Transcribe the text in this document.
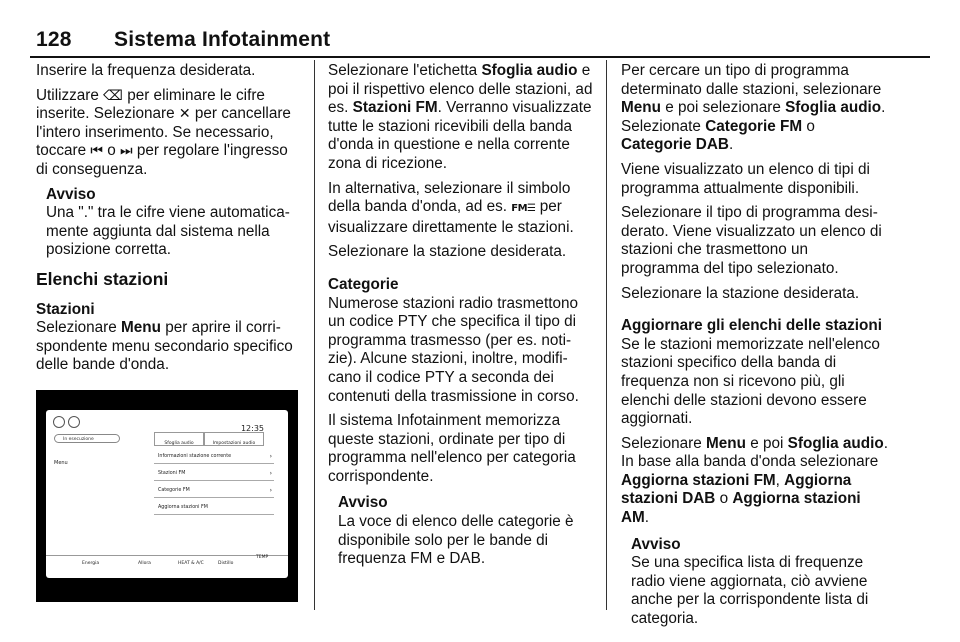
128 Sistema Infotainment

Inserire la frequenza desiderata.

Utilizzare ⌫ per eliminare le cifre inserite. Selezionare ✕ per cancellare l'intero inserimento. Se necessario, toccare ⏮ o ⏭ per regolare l'ingresso di conseguenza.

Avviso
Una "." tra le cifre viene automaticamente aggiunta dal sistema nella posizione corretta.
Elenchi stazioni
Stazioni

Selezionare Menu per aprire il corrispondente menu secondario specifico delle bande d'onda.

12:35
In esecuzione
Menu
Sfoglia audio	Impostazioni audio
Informazioni stazione corrente	›
Stazioni FM	›
Categorie FM	›
Aggiorna stazioni FM
Energia	Allora	HEAT & A/C	Distillo
TEMP

Selezionare l'etichetta Sfoglia audio e poi il rispettivo elenco delle stazioni, ad es. Stazioni FM. Verranno visualizzate tutte le stazioni ricevibili della banda d'onda in questione e nella corrente zona di ricezione.

In alternativa, selezionare il simbolo della banda d'onda, ad es. FM☰ per visualizzare direttamente le stazioni.

Selezionare la stazione desiderata.

Categorie

Numerose stazioni radio trasmettono un codice PTY che specifica il tipo di programma trasmesso (per es. notizie). Alcune stazioni, inoltre, modificano il codice PTY a seconda dei contenuti della trasmissione in corso.

Il sistema Infotainment memorizza queste stazioni, ordinate per tipo di programma nell'elenco per categoria corrispondente.

Avviso
La voce di elenco delle categorie è disponibile solo per le bande di frequenza FM e DAB.

Per cercare un tipo di programma determinato dalle stazioni, selezionare Menu e poi selezionare Sfoglia audio. Selezionate Categorie FM o Categorie DAB.

Viene visualizzato un elenco di tipi di programma attualmente disponibili.

Selezionare il tipo di programma desiderato. Viene visualizzato un elenco di stazioni che trasmettono un programma del tipo selezionato.

Selezionare la stazione desiderata.

Aggiornare gli elenchi delle stazioni

Se le stazioni memorizzate nell'elenco stazioni specifico della banda di frequenza non si ricevono più, gli elenchi delle stazioni devono essere aggiornati.

Selezionare Menu e poi Sfoglia audio. In base alla banda d'onda selezionare Aggiorna stazioni FM, Aggiorna stazioni DAB o Aggiorna stazioni AM.

Avviso
Se una specifica lista di frequenze radio viene aggiornata, ciò avviene anche per la corrispondente lista di categoria.
